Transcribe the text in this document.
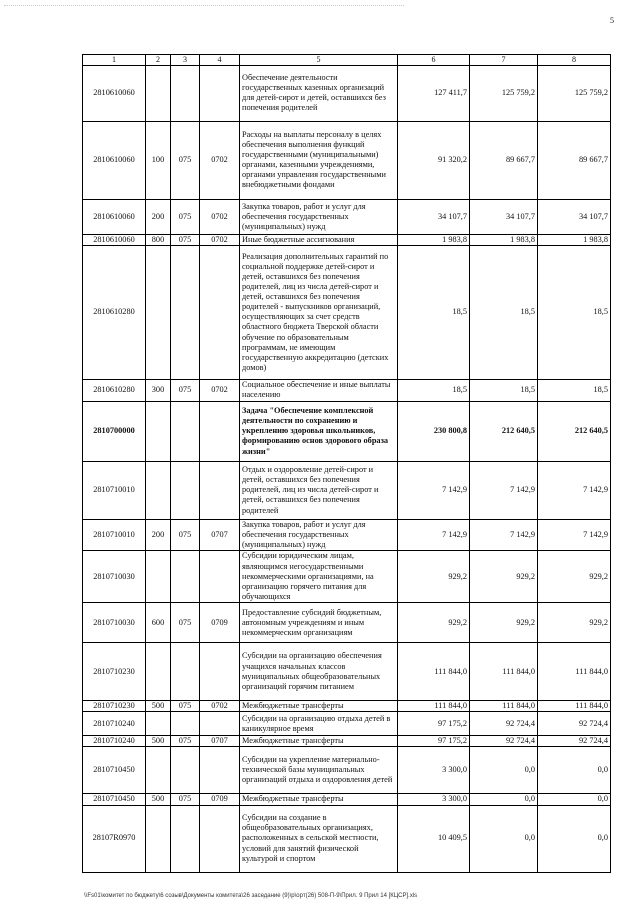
5
1	2	3	4	5	6	7	8
2810610060				Обеспечение деятельности государственных казенных организаций для детей-сирот и детей, оставшихся без попечения родителей	127 411,7	125 759,2	125 759,2
2810610060	100	075	0702	Расходы на выплаты персоналу в целях обеспечения выполнения функций государственными (муниципальными) органами, казенными учреждениями, органами управления государственными внебюджетными фондами	91 320,2	89 667,7	89 667,7
2810610060	200	075	0702	Закупка товаров, работ и услуг для обеспечения государственных (муниципальных) нужд	34 107,7	34 107,7	34 107,7
2810610060	800	075	0702	Иные бюджетные ассигнования	1 983,8	1 983,8	1 983,8
2810610280				Реализация дополнительных гарантий по социальной поддержке детей-сирот и детей, оставшихся без попечения родителей, лиц из числа детей-сирот и детей, оставшихся без попечения родителей - выпускников организаций, осуществляющих за счет средств областного бюджета Тверской области обучение по образовательным программам, не имеющим государственную аккредитацию (детских домов)	18,5	18,5	18,5
2810610280	300	075	0702	Социальное обеспечение и иные выплаты населению	18,5	18,5	18,5
2810700000				Задача "Обеспечение комплексной деятельности по сохранению и укреплению здоровья школьников, формированию основ здорового образа жизни"	230 800,8	212 640,5	212 640,5
2810710010				Отдых и оздоровление детей-сирот и детей, оставшихся без попечения родителей, лиц из числа детей-сирот и детей, оставшихся без попечения родителей	7 142,9	7 142,9	7 142,9
2810710010	200	075	0707	Закупка товаров, работ и услуг для обеспечения государственных (муниципальных) нужд	7 142,9	7 142,9	7 142,9
2810710030				Субсидии юридическим лицам, являющимся негосударственными некоммерческими организациями, на организацию горячего питания для обучающихся	929,2	929,2	929,2
2810710030	600	075	0709	Предоставление субсидий бюджетным, автономным учреждениям и иным некоммерческим организациям	929,2	929,2	929,2
2810710230				Субсидии на организацию обеспечения учащихся начальных классов муниципальных общеобразовательных организаций горячим питанием	111 844,0	111 844,0	111 844,0
2810710230	500	075	0702	Межбюджетные трансферты	111 844,0	111 844,0	111 844,0
2810710240				Субсидии на организацию отдыха детей в каникулярное время	97 175,2	92 724,4	92 724,4
2810710240	500	075	0707	Межбюджетные трансферты	97 175,2	92 724,4	92 724,4
2810710450				Субсидии на укрепление материально-технической базы муниципальных организаций отдыха и оздоровления детей	3 300,0	0,0	0,0
2810710450	500	075	0709	Межбюджетные трансферты	3 300,0	0,0	0,0
28107R0970				Субсидии на создание в общеобразовательных организациях, расположенных в сельской местности, условий для занятий физической культурой и спортом	10 409,5	0,0	0,0
\\Fs01\комитет по бюджету\6 созыв\Документы комитета\26 заседание (9)\р\орт(26) 508-П-9\Прил. 9 Прил 14 [КЦСР].xls
